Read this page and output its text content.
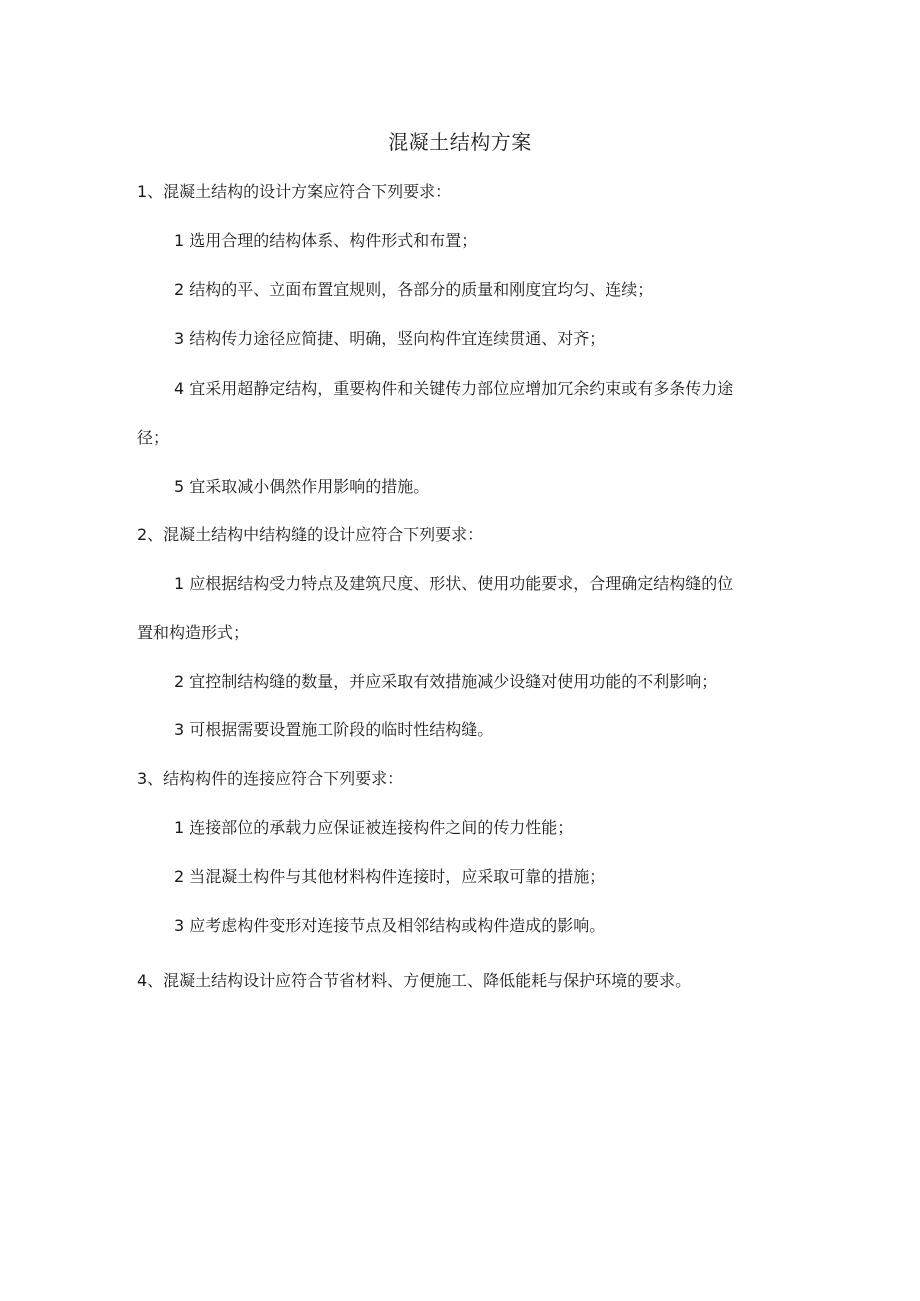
混凝土结构方案
1、混凝土结构的设计方案应符合下列要求：
1 选用合理的结构体系、构件形式和布置；
2 结构的平、立面布置宜规则，各部分的质量和刚度宜均匀、连续；
3 结构传力途径应简捷、明确，竖向构件宜连续贯通、对齐；
4 宜采用超静定结构，重要构件和关键传力部位应增加冗余约束或有多条传力途
径；
5 宜采取减小偶然作用影响的措施。
2、混凝土结构中结构缝的设计应符合下列要求：
1 应根据结构受力特点及建筑尺度、形状、使用功能要求，合理确定结构缝的位
置和构造形式；
2 宜控制结构缝的数量，并应采取有效措施减少设缝对使用功能的不利影响；
3 可根据需要设置施工阶段的临时性结构缝。
3、结构构件的连接应符合下列要求：
1 连接部位的承载力应保证被连接构件之间的传力性能；
2 当混凝土构件与其他材料构件连接时，应采取可靠的措施；
3 应考虑构件变形对连接节点及相邻结构或构件造成的影响。
4、混凝土结构设计应符合节省材料、方便施工、降低能耗与保护环境的要求。
